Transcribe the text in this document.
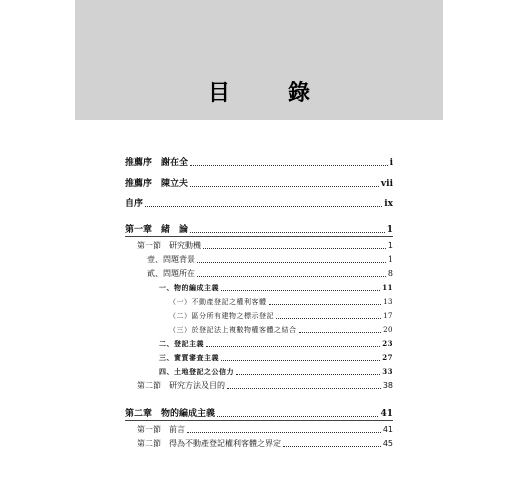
目　錄
推薦序　謝在全	i
推薦序　陳立夫	vii
自序	ix
第一章　緒　論	1
第一節　研究動機	1
壹、問題背景	1
貳、問題所在	8
一、物的編成主義	11
（一）不動產登記之權利客體	13
（二）區分所有建物之標示登記	17
（三）於登記法上複數物權客體之結合	20
二、登記主義	23
三、實質審查主義	27
四、土地登記之公信力	33
第二節　研究方法及目的	38
第二章　物的編成主義	41
第一節　前言	41
第二節　得為不動產登記權利客體之界定	45
